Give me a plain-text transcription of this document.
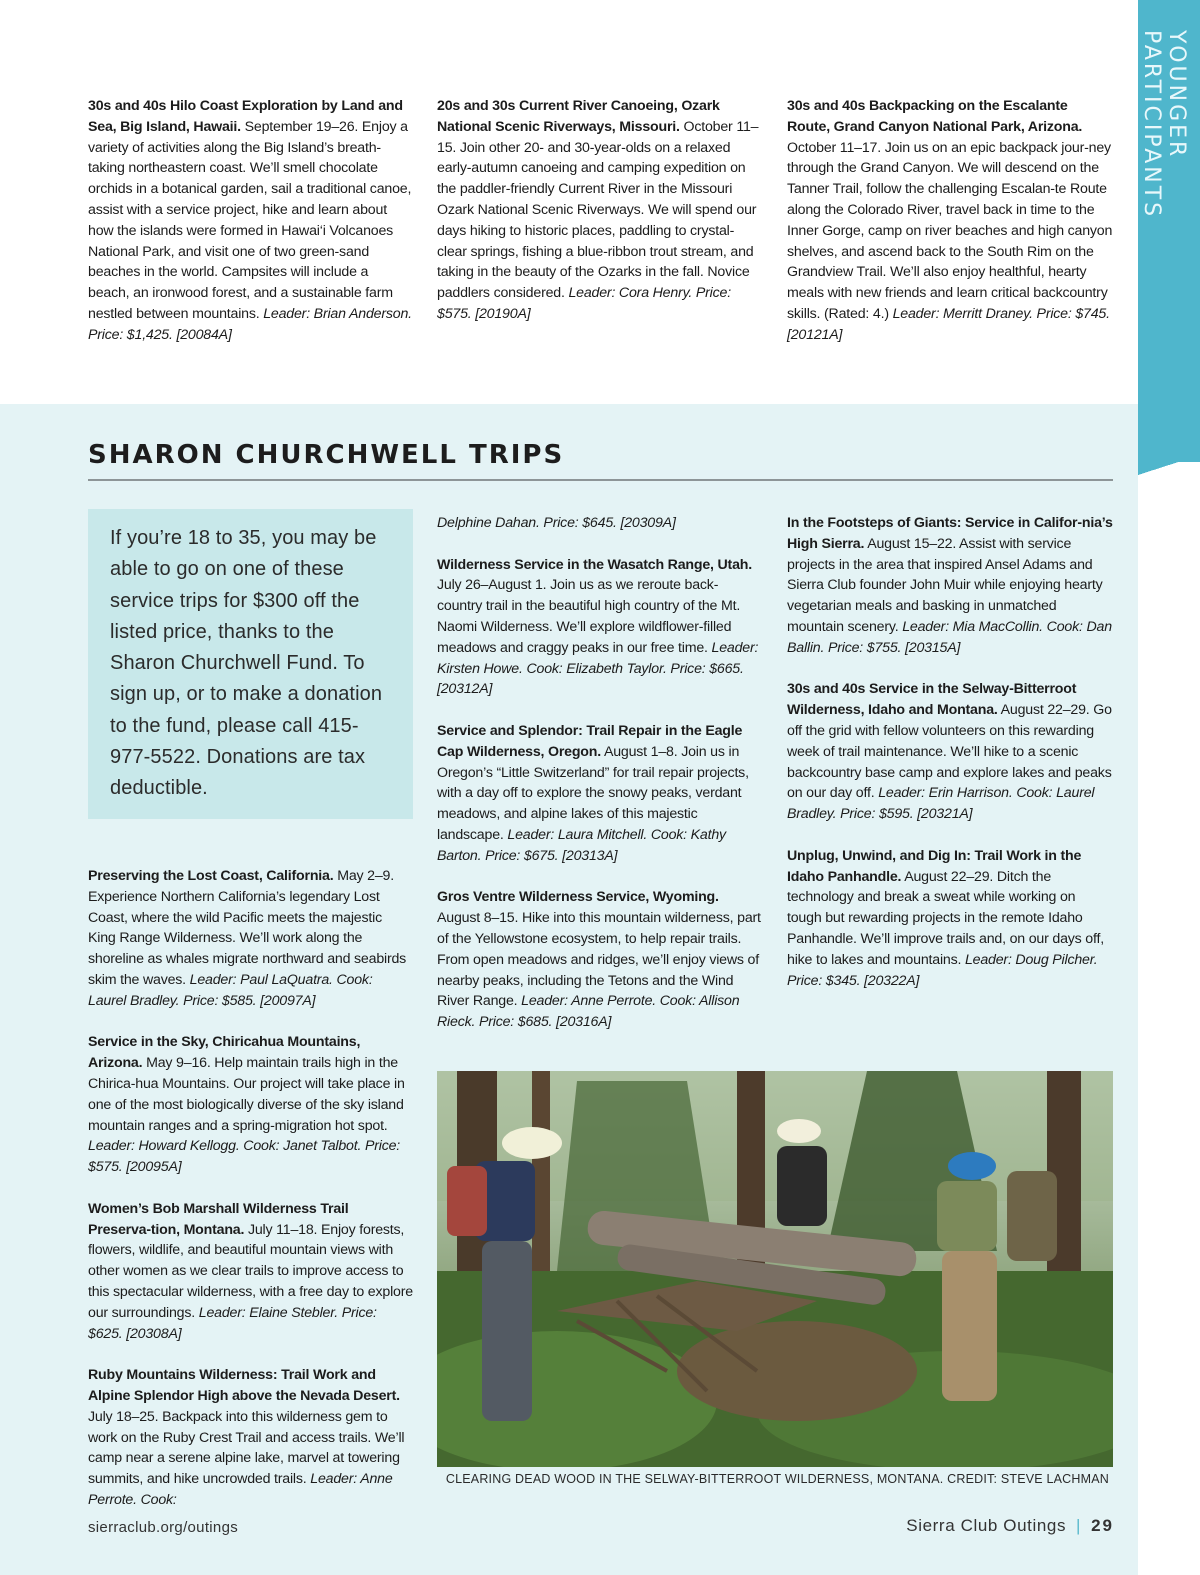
YOUNGER PARTICIPANTS

30s and 40s Hilo Coast Exploration by Land and Sea, Big Island, Hawaii. September 19–26. Enjoy a variety of activities along the Big Island’s breath-taking northeastern coast. We’ll smell chocolate orchids in a botanical garden, sail a traditional canoe, assist with a service project, hike and learn about how the islands were formed in Hawai‘i Volcanoes National Park, and visit one of two green-sand beaches in the world. Campsites will include a beach, an ironwood forest, and a sustainable farm nestled between mountains. Leader: Brian Anderson. Price: $1,425. [20084A]

20s and 30s Current River Canoeing, Ozark National Scenic Riverways, Missouri. October 11–15. Join other 20- and 30-year-olds on a relaxed early-autumn canoeing and camping expedition on the paddler-friendly Current River in the Missouri Ozark National Scenic Riverways. We will spend our days hiking to historic places, paddling to crystal-clear springs, fishing a blue-ribbon trout stream, and taking in the beauty of the Ozarks in the fall. Novice paddlers considered. Leader: Cora Henry. Price: $575. [20190A]

30s and 40s Backpacking on the Escalante Route, Grand Canyon National Park, Arizona. October 11–17. Join us on an epic backpack jour-ney through the Grand Canyon. We will descend on the Tanner Trail, follow the challenging Escalan-te Route along the Colorado River, travel back in time to the Inner Gorge, camp on river beaches and high canyon shelves, and ascend back to the South Rim on the Grandview Trail. We’ll also enjoy healthful, hearty meals with new friends and learn critical backcountry skills. (Rated: 4.) Leader: Merritt Draney. Price: $745. [20121A]

SHARON CHURCHWELL TRIPS

If you’re 18 to 35, you may be able to go on one of these service trips for $300 off the listed price, thanks to the Sharon Churchwell Fund. To sign up, or to make a donation to the fund, please call 415-977-5522. Donations are tax deductible.

Preserving the Lost Coast, California. May 2–9. Experience Northern California’s legendary Lost Coast, where the wild Pacific meets the majestic King Range Wilderness. We’ll work along the shoreline as whales migrate northward and seabirds skim the waves. Leader: Paul LaQuatra. Cook: Laurel Bradley. Price: $585. [20097A]

Service in the Sky, Chiricahua Mountains, Arizona. May 9–16. Help maintain trails high in the Chirica-hua Mountains. Our project will take place in one of the most biologically diverse of the sky island mountain ranges and a spring-migration hot spot. Leader: Howard Kellogg. Cook: Janet Talbot. Price: $575. [20095A]

Women’s Bob Marshall Wilderness Trail Preserva-tion, Montana. July 11–18. Enjoy forests, flowers, wildlife, and beautiful mountain views with other women as we clear trails to improve access to this spectacular wilderness, with a free day to explore our surroundings. Leader: Elaine Stebler. Price: $625. [20308A]

Ruby Mountains Wilderness: Trail Work and Alpine Splendor High above the Nevada Desert. July 18–25. Backpack into this wilderness gem to work on the Ruby Crest Trail and access trails. We’ll camp near a serene alpine lake, marvel at towering summits, and hike uncrowded trails. Leader: Anne Perrote. Cook:

Delphine Dahan. Price: $645. [20309A]

Wilderness Service in the Wasatch Range, Utah. July 26–August 1. Join us as we reroute back-country trail in the beautiful high country of the Mt. Naomi Wilderness. We’ll explore wildflower-filled meadows and craggy peaks in our free time. Leader: Kirsten Howe. Cook: Elizabeth Taylor. Price: $665. [20312A]

Service and Splendor: Trail Repair in the Eagle Cap Wilderness, Oregon. August 1–8. Join us in Oregon’s “Little Switzerland” for trail repair projects, with a day off to explore the snowy peaks, verdant meadows, and alpine lakes of this majestic landscape. Leader: Laura Mitchell. Cook: Kathy Barton. Price: $675. [20313A]

Gros Ventre Wilderness Service, Wyoming. August 8–15. Hike into this mountain wilderness, part of the Yellowstone ecosystem, to help repair trails. From open meadows and ridges, we’ll enjoy views of nearby peaks, including the Tetons and the Wind River Range. Leader: Anne Perrote. Cook: Allison Rieck. Price: $685. [20316A]

In the Footsteps of Giants: Service in Califor-nia’s High Sierra. August 15–22. Assist with service projects in the area that inspired Ansel Adams and Sierra Club founder John Muir while enjoying hearty vegetarian meals and basking in unmatched mountain scenery. Leader: Mia MacCollin. Cook: Dan Ballin. Price: $755. [20315A]

30s and 40s Service in the Selway-Bitterroot Wilderness, Idaho and Montana. August 22–29. Go off the grid with fellow volunteers on this rewarding week of trail maintenance. We’ll hike to a scenic backcountry base camp and explore lakes and peaks on our day off. Leader: Erin Harrison. Cook: Laurel Bradley. Price: $595. [20321A]

Unplug, Unwind, and Dig In: Trail Work in the Idaho Panhandle. August 22–29. Ditch the technology and break a sweat while working on tough but rewarding projects in the remote Idaho Panhandle. We’ll improve trails and, on our days off, hike to lakes and mountains. Leader: Doug Pilcher. Price: $345. [20322A]

CLEARING DEAD WOOD IN THE SELWAY-BITTERROOT WILDERNESS, MONTANA. CREDIT: STEVE LACHMAN
sierraclub.org/outings	Sierra Club Outings | 29
